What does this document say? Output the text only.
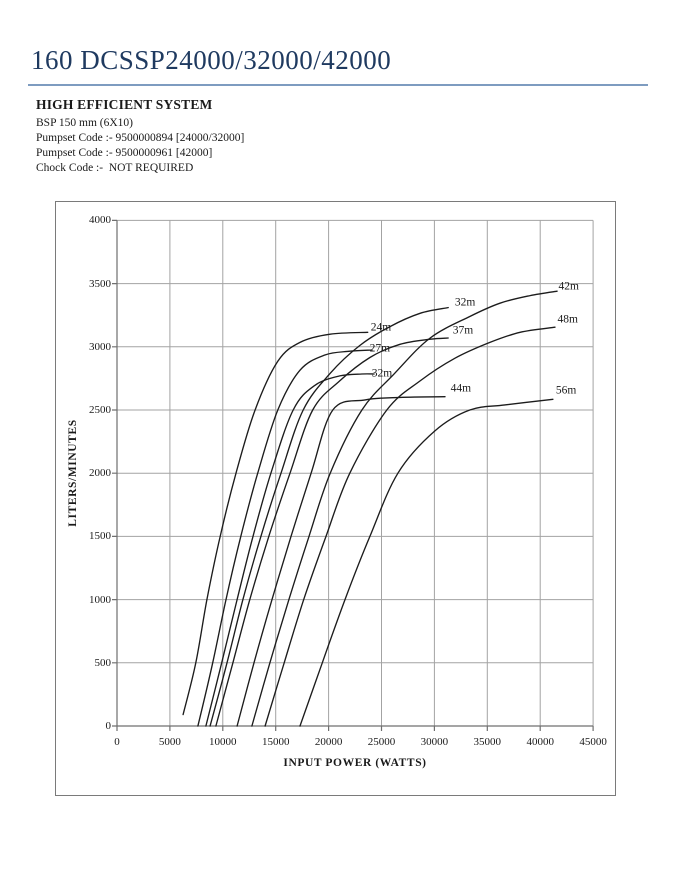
160 DCSSP24000/32000/42000
HIGH EFFICIENT SYSTEM
BSP 150 mm (6X10)
Pumpset Code :- 9500000894 [24000/32000]
Pumpset Code :- 9500000961 [42000]
Chock Code :-  NOT REQUIRED
LITERS/MINUTES
INPUT POWER (WATTS)
0
500
1000
1500
2000
2500
3000
3500
4000
0	5000	10000	15000	20000	25000	30000	35000	40000	45000
24m
27m
32m
32m
37m
44m
42m
48m
56m
